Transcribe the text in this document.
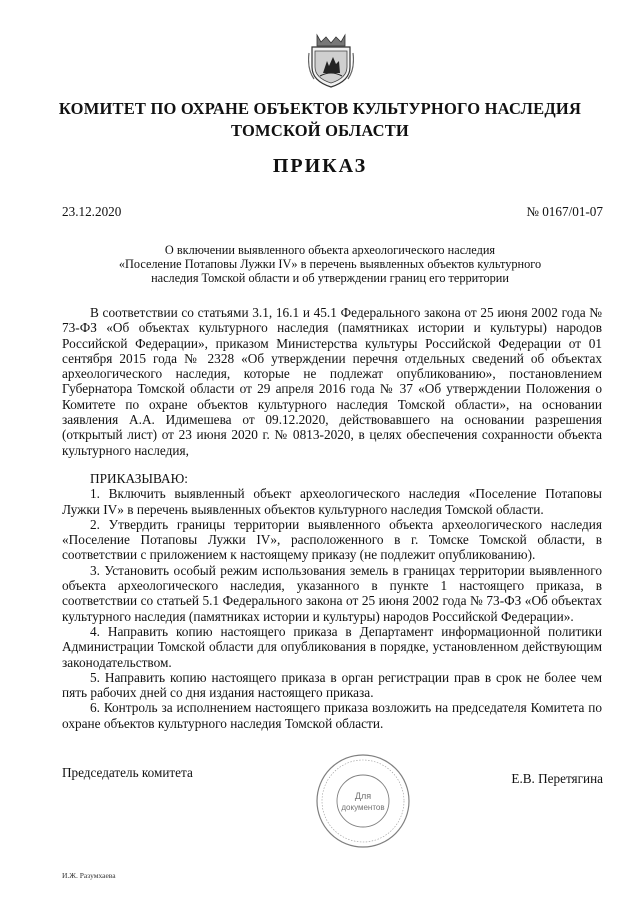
КОМИТЕТ ПО ОХРАНЕ ОБЪЕКТОВ КУЛЬТУРНОГО НАСЛЕДИЯ
ТОМСКОЙ ОБЛАСТИ
ПРИКАЗ
23.12.2020	№ 0167/01-07
О включении выявленного объекта археологического наследия
«Поселение Потаповы Лужки IV» в перечень выявленных объектов культурного
наследия Томской области и об утверждении границ его территории

В соответствии со статьями 3.1, 16.1 и 45.1 Федерального закона от 25 июня 2002 года № 73-ФЗ «Об объектах культурного наследия (памятниках истории и культуры) народов Российской Федерации», приказом Министерства культуры Российской Федерации от 01 сентября 2015 года № 2328 «Об утверждении перечня отдельных сведений об объектах археологического наследия, которые не подлежат опубликованию», постановлением Губернатора Томской области от 29 апреля 2016 года № 37 «Об утверждении Положения о Комитете по охране объектов культурного наследия Томской области», на основании заявления А.А. Идимешева от 09.12.2020, действовавшего на основании разрешения (открытый лист) от 23 июня 2020 г. № 0813-2020, в целях обеспечения сохранности объекта культурного наследия,

ПРИКАЗЫВАЮ:

1. Включить выявленный объект археологического наследия «Поселение Потаповы Лужки IV» в перечень выявленных объектов культурного наследия Томской области.

2. Утвердить границы территории выявленного объекта археологического наследия «Поселение Потаповы Лужки IV», расположенного в г. Томске Томской области, в соответствии с приложением к настоящему приказу (не подлежит опубликованию).

3. Установить особый режим использования земель в границах территории выявленного объекта археологического наследия, указанного в пункте 1 настоящего приказа, в соответствии со статьей 5.1 Федерального закона от 25 июня 2002 года № 73-ФЗ «Об объектах культурного наследия (памятниках истории и культуры) народов Российской Федерации».

4. Направить копию настоящего приказа в Департамент информационной политики Администрации Томской области для опубликования в порядке, установленном действующим законодательством.

5. Направить копию настоящего приказа в орган регистрации прав в срок не более чем пять рабочих дней со дня издания настоящего приказа.

6. Контроль за исполнением настоящего приказа возложить на председателя Комитета по охране объектов культурного наследия Томской области.

Председатель комитета
Для
документов
Е.В. Перетягина
И.Ж. Разумхаева
